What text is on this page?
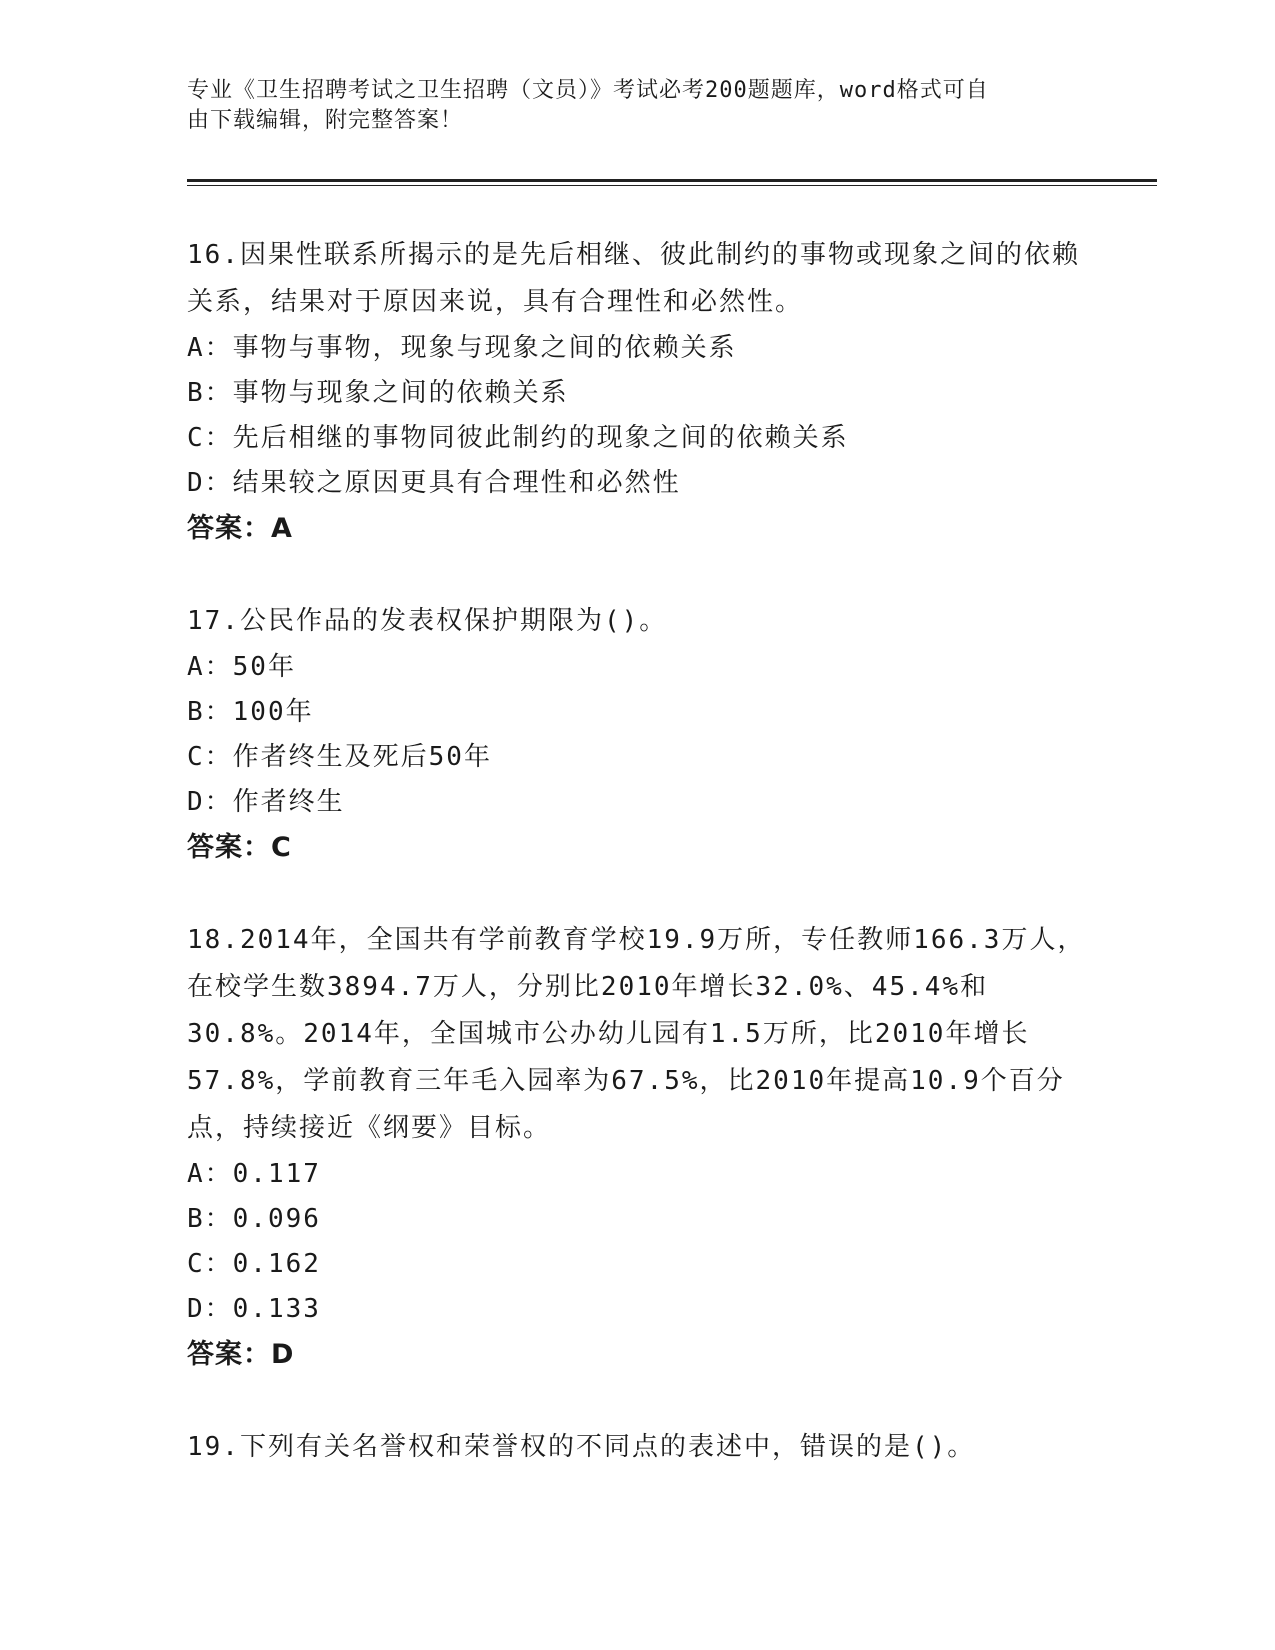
专业《卫生招聘考试之卫生招聘（文员）》考试必考200题题库，word格式可自
由下载编辑，附完整答案！

16.因果性联系所揭示的是先后相继、彼此制约的事物或现象之间的依赖关系，结果对于原因来说，具有合理性和必然性。

A：事物与事物，现象与现象之间的依赖关系
B：事物与现象之间的依赖关系
C：先后相继的事物同彼此制约的现象之间的依赖关系
D：结果较之原因更具有合理性和必然性
答案：A

17.公民作品的发表权保护期限为()。

A：50年
B：100年
C：作者终生及死后50年
D：作者终生
答案：C

18.2014年，全国共有学前教育学校19.9万所，专任教师166.3万人，在校学生数3894.7万人，分别比2010年增长32.0%、45.4%和30.8%。2014年，全国城市公办幼儿园有1.5万所，比2010年增长57.8%，学前教育三年毛入园率为67.5%，比2010年提高10.9个百分点，持续接近《纲要》目标。

A：0.117
B：0.096
C：0.162
D：0.133
答案：D

19.下列有关名誉权和荣誉权的不同点的表述中，错误的是()。
